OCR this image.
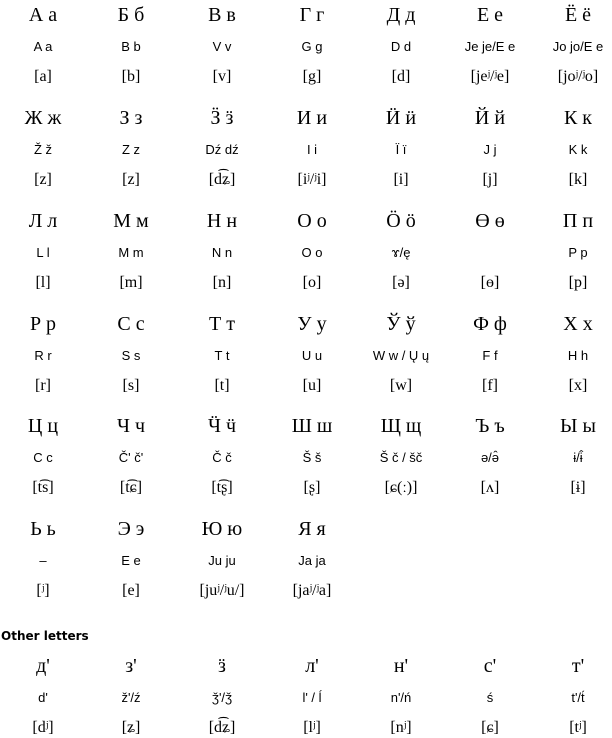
А а
A a
[a]
Б б
B b
[b]
В в
V v
[v]
Г г
G g
[g]
Д д
D d
[d]
Е е
Je je/E e
[jeʲ/ʲe]
Ё ё
Jo jo/E e
[joʲ/ʲo]
Ж ж
Ž ž
[z]
З з
Z z
[z]
Ӟ ӟ
Dź dź
[d͡ʑ]
И и
I i
[iʲ/ʲi]
Ӥ ӥ
Ï ï
[i]
Й й
J j
[j]
К к
K k
[k]
Л л
L l
[l]
М м
M m
[m]
Н н
N n
[n]
О о
O o
[o]
Ӧ ӧ
ɤ/ę
[ə]
Ө ө
[ɵ]
П п
P p
[p]
Р р
R r
[r]
С с
S s
[s]
Т т
T t
[t]
У у
U u
[u]
Ў ў
W w / Ų ų
[w]
Ф ф
F f
[f]
Х х
H h
[x]
Ц ц
C c
[t͡s]
Ч ч
Č' č'
[t͡ɕ]
Ӵ ӵ
Č č
[t͡ʂ]
Ш ш
Š š
[ʂ]
Щ щ
Š č / šč
[ɕ(ː)]
Ъ ъ
ə/ə̂
[ʌ]
Ы ы
ɨ/ɨ̂
[ɨ]
Ь ь
–
[ʲ]
Э э
E e
[e]
Ю ю
Ju ju
[juʲ/ʲu/]
Я я
Ja ja
[jaʲ/ʲa]
Other letters
д'
d'
[dʲ]
з'
ž'/ź
[ʑ]
ӟ
ǯ'/ǯ
[d͡ʑ]
л'
l' / ĺ
[lʲ]
н'
n'/ń
[nʲ]
с'
ś
[ɕ]
т'
t'/t́
[tʲ]
